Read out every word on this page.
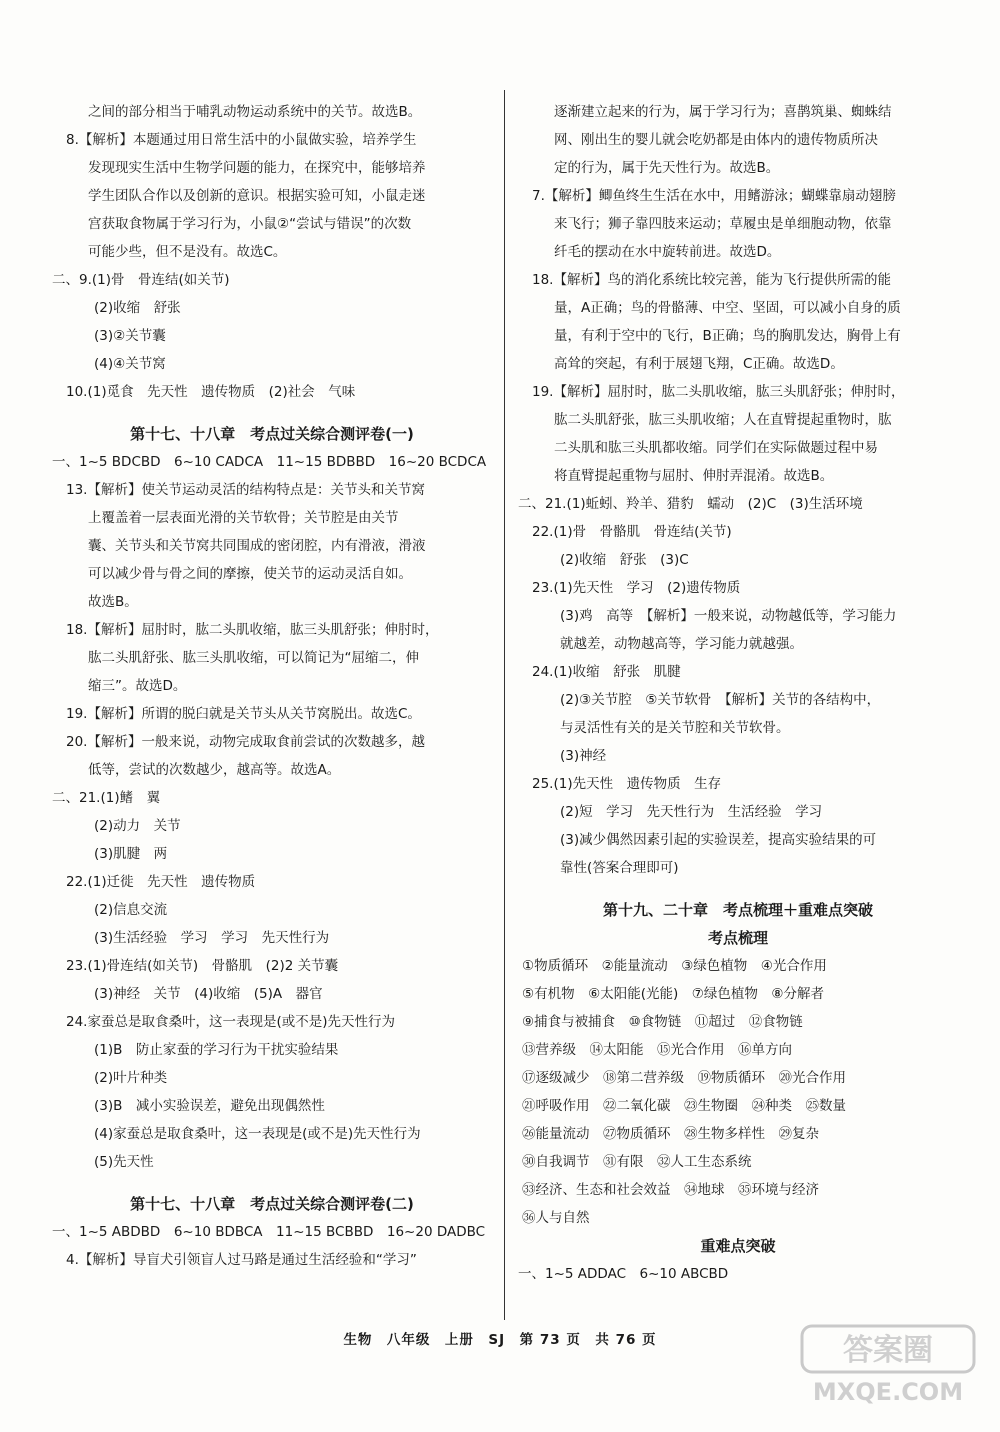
之间的部分相当于哺乳动物运动系统中的关节。故选B。
8.【解析】本题通过用日常生活中的小鼠做实验，培养学生
发现现实生活中生物学问题的能力，在探究中，能够培养
学生团队合作以及创新的意识。根据实验可知，小鼠走迷
宫获取食物属于学习行为，小鼠②“尝试与错误”的次数
可能少些，但不是没有。故选C。
二、9.(1)骨　骨连结(如关节)
(2)收缩　舒张
(3)②关节囊
(4)④关节窝
10.(1)觅食　先天性　遗传物质　(2)社会　气味
第十七、十八章　考点过关综合测评卷(一)
一、1~5 BDCBD　6~10 CADCA　11~15 BDBBD　16~20 BCDCA
13.【解析】使关节运动灵活的结构特点是：关节头和关节窝
上覆盖着一层表面光滑的关节软骨；关节腔是由关节
囊、关节头和关节窝共同围成的密闭腔，内有滑液，滑液
可以减少骨与骨之间的摩擦，使关节的运动灵活自如。
故选B。
18.【解析】屈肘时，肱二头肌收缩，肱三头肌舒张；伸肘时，
肱二头肌舒张、肱三头肌收缩，可以简记为“屈缩二，伸
缩三”。故选D。
19.【解析】所谓的脱臼就是关节头从关节窝脱出。故选C。
20.【解析】一般来说，动物完成取食前尝试的次数越多，越
低等，尝试的次数越少，越高等。故选A。
二、21.(1)鳍　翼
(2)动力　关节
(3)肌腱　两
22.(1)迁徙　先天性　遗传物质
(2)信息交流
(3)生活经验　学习　学习　先天性行为
23.(1)骨连结(如关节)　骨骼肌　(2)2 关节囊
(3)神经　关节　(4)收缩　(5)A　器官
24.家蚕总是取食桑叶，这一表现是(或不是)先天性行为
(1)B　防止家蚕的学习行为干扰实验结果
(2)叶片种类
(3)B　减小实验误差，避免出现偶然性
(4)家蚕总是取食桑叶，这一表现是(或不是)先天性行为
(5)先天性
第十七、十八章　考点过关综合测评卷(二)
一、1~5 ABDBD　6~10 BDBCA　11~15 BCBBD　16~20 DADBC
4.【解析】导盲犬引领盲人过马路是通过生活经验和“学习”
逐渐建立起来的行为，属于学习行为；喜鹊筑巢、蜘蛛结
网、刚出生的婴儿就会吃奶都是由体内的遗传物质所决
定的行为，属于先天性行为。故选B。
7.【解析】鲫鱼终生生活在水中，用鳍游泳；蝴蝶靠扇动翅膀
来飞行；狮子靠四肢来运动；草履虫是单细胞动物，依靠
纤毛的摆动在水中旋转前进。故选D。
18.【解析】鸟的消化系统比较完善，能为飞行提供所需的能
量，A正确；鸟的骨骼薄、中空、坚固，可以减小自身的质
量，有利于空中的飞行，B正确；鸟的胸肌发达，胸骨上有
高耸的突起，有利于展翅飞翔，C正确。故选D。
19.【解析】屈肘时，肱二头肌收缩，肱三头肌舒张；伸肘时，
肱二头肌舒张，肱三头肌收缩；人在直臂提起重物时，肱
二头肌和肱三头肌都收缩。同学们在实际做题过程中易
将直臂提起重物与屈肘、伸肘弄混淆。故选B。
二、21.(1)蚯蚓、羚羊、猎豹　蠕动　(2)C　(3)生活环境
22.(1)骨　骨骼肌　骨连结(关节)
(2)收缩　舒张　(3)C
23.(1)先天性　学习　(2)遗传物质
(3)鸡　高等　【解析】一般来说，动物越低等，学习能力
就越差，动物越高等，学习能力就越强。
24.(1)收缩　舒张　肌腱
(2)③关节腔　⑤关节软骨　【解析】关节的各结构中，
与灵活性有关的是关节腔和关节软骨。
(3)神经
25.(1)先天性　遗传物质　生存
(2)短　学习　先天性行为　生活经验　学习
(3)减少偶然因素引起的实验误差，提高实验结果的可
靠性(答案合理即可)
第十九、二十章　考点梳理＋重难点突破
考点梳理
①物质循环　②能量流动　③绿色植物　④光合作用
⑤有机物　⑥太阳能(光能)　⑦绿色植物　⑧分解者
⑨捕食与被捕食　⑩食物链　⑪超过　⑫食物链
⑬营养级　⑭太阳能　⑮光合作用　⑯单方向
⑰逐级减少　⑱第二营养级　⑲物质循环　⑳光合作用
㉑呼吸作用　㉒二氧化碳　㉓生物圈　㉔种类　㉕数量
㉖能量流动　㉗物质循环　㉘生物多样性　㉙复杂
㉚自我调节　㉛有限　㉜人工生态系统
㉝经济、生态和社会效益　㉞地球　㉟环境与经济
㊱人与自然
重难点突破
一、1~5 ADDAC　6~10 ABCBD
生物　八年级　上册　SJ　第 73 页　共 76 页	答案圈
MXQE.COM
